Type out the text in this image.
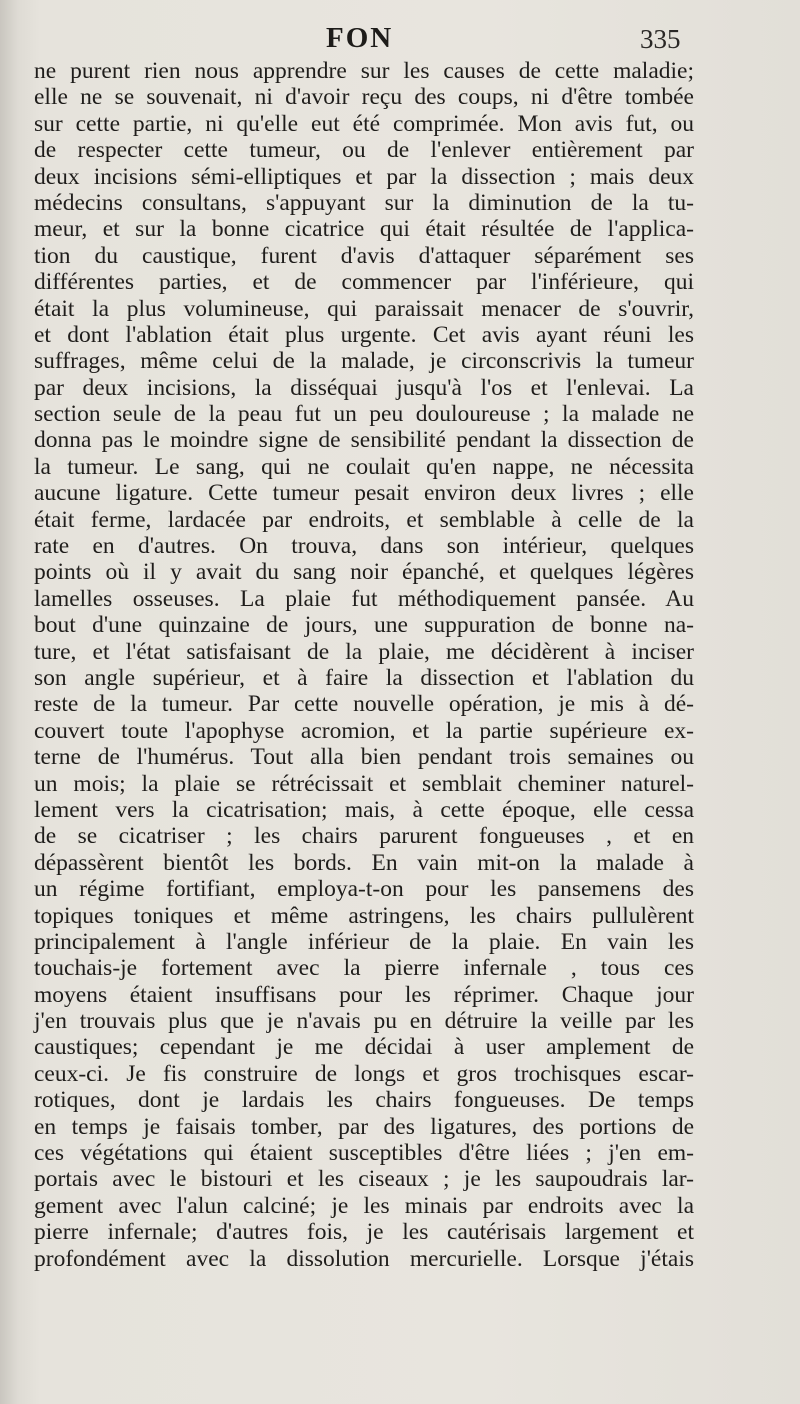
FON	335
ne purent rien nous apprendre sur les causes de cette maladie;
elle ne se souvenait, ni d'avoir reçu des coups, ni d'être tombée
sur cette partie, ni qu'elle eut été comprimée. Mon avis fut, ou
de respecter cette tumeur, ou de l'enlever entièrement par
deux incisions sémi-elliptiques et par la dissection ; mais deux
médecins consultans, s'appuyant sur la diminution de la tu-
meur, et sur la bonne cicatrice qui était résultée de l'applica-
tion du caustique, furent d'avis d'attaquer séparément ses
différentes parties, et de commencer par l'inférieure, qui
était la plus volumineuse, qui paraissait menacer de s'ouvrir,
et dont l'ablation était plus urgente. Cet avis ayant réuni les
suffrages, même celui de la malade, je circonscrivis la tumeur
par deux incisions, la disséquai jusqu'à l'os et l'enlevai. La
section seule de la peau fut un peu douloureuse ; la malade ne
donna pas le moindre signe de sensibilité pendant la dissection de
la tumeur. Le sang, qui ne coulait qu'en nappe, ne nécessita
aucune ligature. Cette tumeur pesait environ deux livres ; elle
était ferme, lardacée par endroits, et semblable à celle de la
rate en d'autres. On trouva, dans son intérieur, quelques
points où il y avait du sang noir épanché, et quelques légères
lamelles osseuses. La plaie fut méthodiquement pansée. Au
bout d'une quinzaine de jours, une suppuration de bonne na-
ture, et l'état satisfaisant de la plaie, me décidèrent à inciser
son angle supérieur, et à faire la dissection et l'ablation du
reste de la tumeur. Par cette nouvelle opération, je mis à dé-
couvert toute l'apophyse acromion, et la partie supérieure ex-
terne de l'humérus. Tout alla bien pendant trois semaines ou
un mois; la plaie se rétrécissait et semblait cheminer naturel-
lement vers la cicatrisation; mais, à cette époque, elle cessa
de se cicatriser ; les chairs parurent fongueuses , et en
dépassèrent bientôt les bords. En vain mit-on la malade à
un régime fortifiant, employa-t-on pour les pansemens des
topiques toniques et même astringens, les chairs pullulèrent
principalement à l'angle inférieur de la plaie. En vain les
touchais-je fortement avec la pierre infernale , tous ces
moyens étaient insuffisans pour les réprimer. Chaque jour
j'en trouvais plus que je n'avais pu en détruire la veille par les
caustiques; cependant je me décidai à user amplement de
ceux-ci. Je fis construire de longs et gros trochisques escar-
rotiques, dont je lardais les chairs fongueuses. De temps
en temps je faisais tomber, par des ligatures, des portions de
ces végétations qui étaient susceptibles d'être liées ; j'en em-
portais avec le bistouri et les ciseaux ; je les saupoudrais lar-
gement avec l'alun calciné; je les minais par endroits avec la
pierre infernale; d'autres fois, je les cautérisais largement et
profondément avec la dissolution mercurielle. Lorsque j'étais
